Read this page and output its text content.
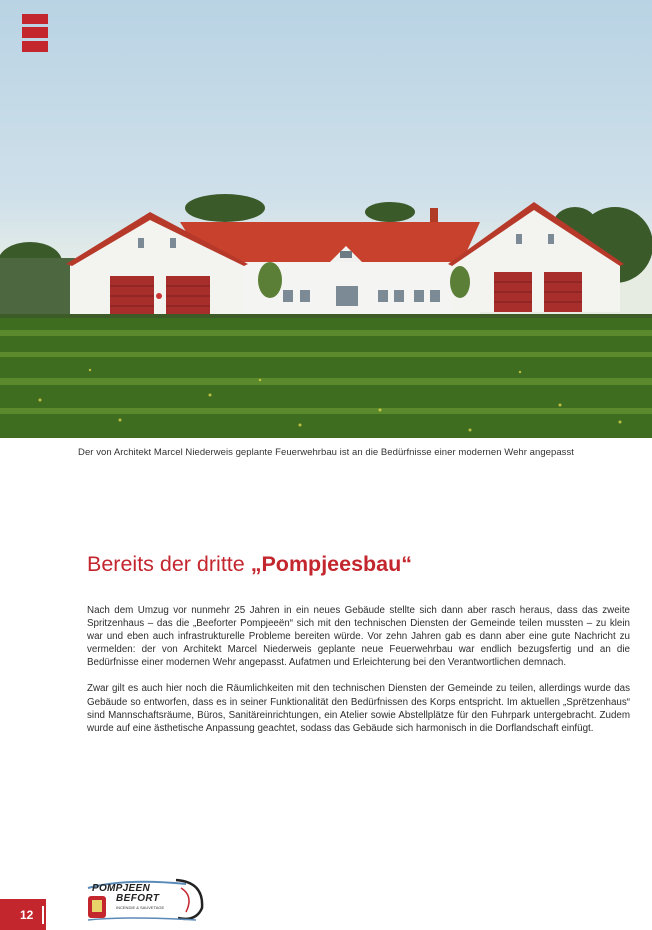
Der von Architekt Marcel Niederweis geplante Feuerwehrbau ist an die Bedürfnisse einer modernen Wehr angepasst
Bereits der dritte „Pompjeesbau“

Nach dem Umzug vor nunmehr 25 Jahren in ein neues Gebäude stellte sich dann aber rasch heraus, dass das zweite Spritzenhaus – das die „Beeforter Pompjeeën“ sich mit den technischen Diensten der Gemeinde teilen mussten – zu klein war und eben auch infrastrukturelle Probleme bereiten würde. Vor zehn Jahren gab es dann aber eine gute Nachricht zu vermelden: der von Architekt Marcel Niederweis geplante neue Feuerwehrbau war endlich bezugsfertig und an die Bedürfnisse einer modernen Wehr angepasst. Aufatmen und Erleichterung bei den Verantwortlichen demnach.

Zwar gilt es auch hier noch die Räumlichkeiten mit den technischen Diensten der Gemeinde zu teilen, allerdings wurde das Gebäude so entworfen, dass es in seiner Funktionalität den Bedürfnissen des Korps entspricht. Im aktuellen „Sprëtzenhaus“ sind Mannschaftsräume, Büros, Sanitäreinrichtungen, ein Atelier sowie Abstellplätze für den Fuhrpark untergebracht. Zudem wurde auf eine ästhetische Anpassung geachtet, sodass das Gebäude sich harmonisch in die Dorflandschaft einfügt.

12
POMPJEEN
BEFORT
INCENDIE & SAUVETAGE
